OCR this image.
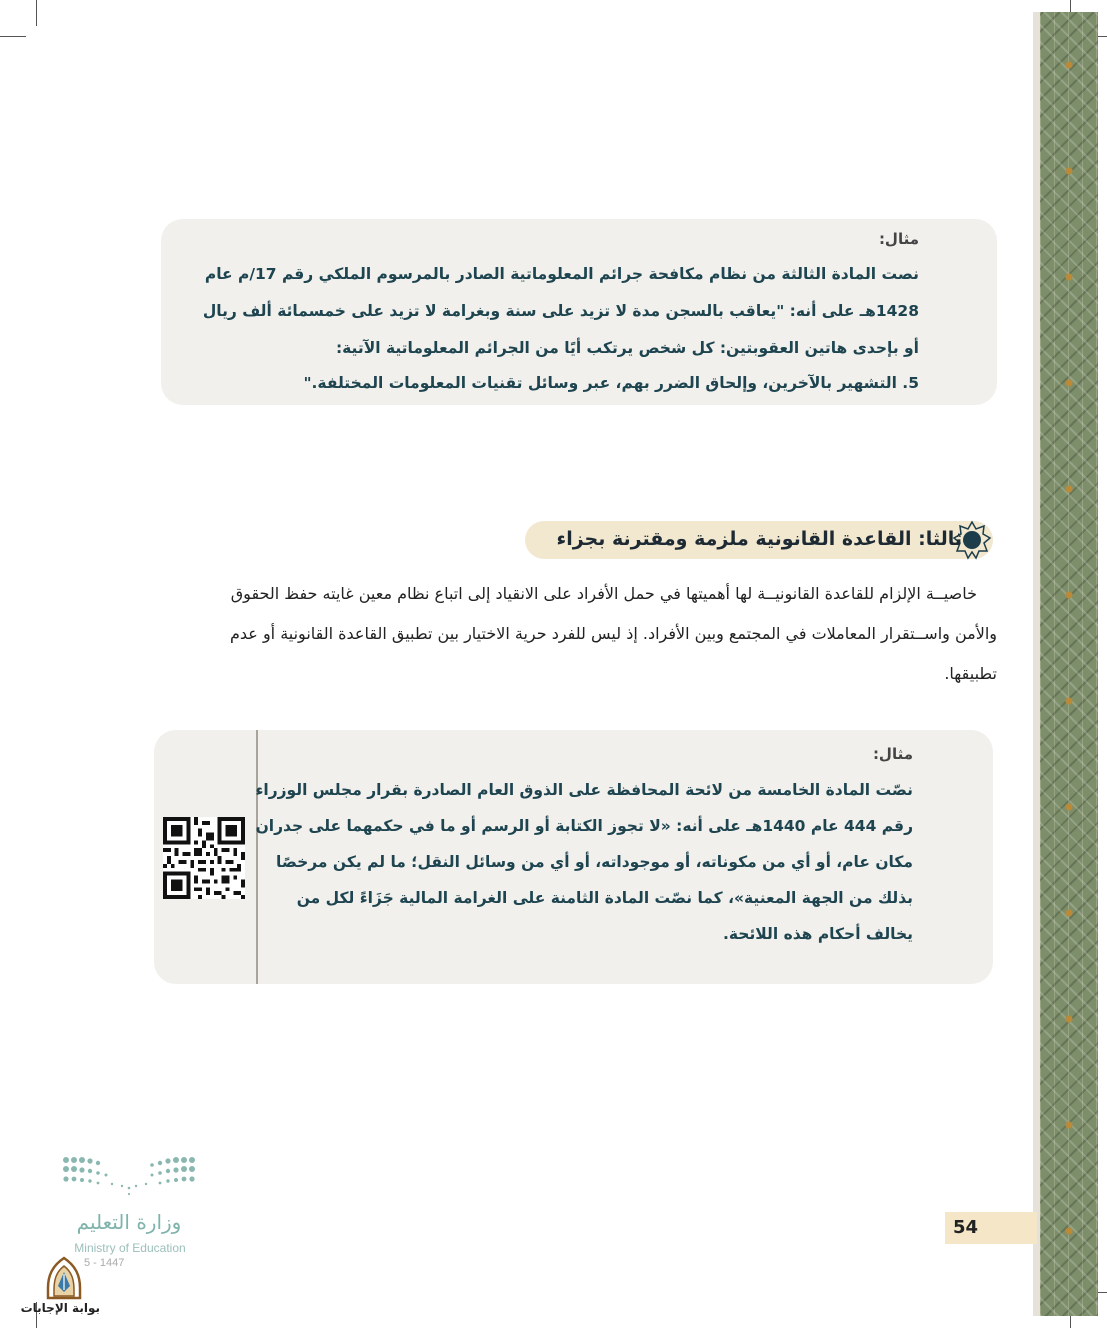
مثال:
نصت المادة الثالثة من نظام مكافحة جرائم المعلوماتية الصادر بالمرسوم الملكي رقم 17/م عام
1428هـ على أنه: "يعاقب بالسجن مدة لا تزيد على سنة وبغرامة لا تزيد على خمسمائة ألف ريال
أو بإحدى هاتين العقوبتين: كل شخص يرتكب أيًا من الجرائم المعلوماتية الآتية:
5. التشهير بالآخرين، وإلحاق الضرر بهم، عبر وسائل تقنيات المعلومات المختلفة."
ثالثا: القاعدة القانونية ملزمة ومقترنة بجزاء
خاصيــة الإلزام للقاعدة القانونيــة لها أهميتها في حمل الأفراد على الانقياد إلى اتباع نظام معين غايته حفظ الحقوق
والأمن واســتقرار المعاملات في المجتمع وبين الأفراد. إذ ليس للفرد حرية الاختيار بين تطبيق القاعدة القانونية أو عدم
تطبيقها.
مثال:
نصّت المادة الخامسة من لائحة المحافظة على الذوق العام الصادرة بقرار مجلس الوزراء
رقم 444 عام 1440هـ على أنه: «لا تجوز الكتابة أو الرسم أو ما في حكمهما على جدران
مكان عام، أو أي من مكوناته، أو موجوداته، أو أي من وسائل النقل؛ ما لم يكن مرخصًا
بذلك من الجهة المعنية»، كما نصّت المادة الثامنة على الغرامة المالية جَزَاءً لكل من
يخالف أحكام هذه اللائحة.
54
وزارة التعليم
Ministry of Education
5 - 1447
بوابة الإجابات
